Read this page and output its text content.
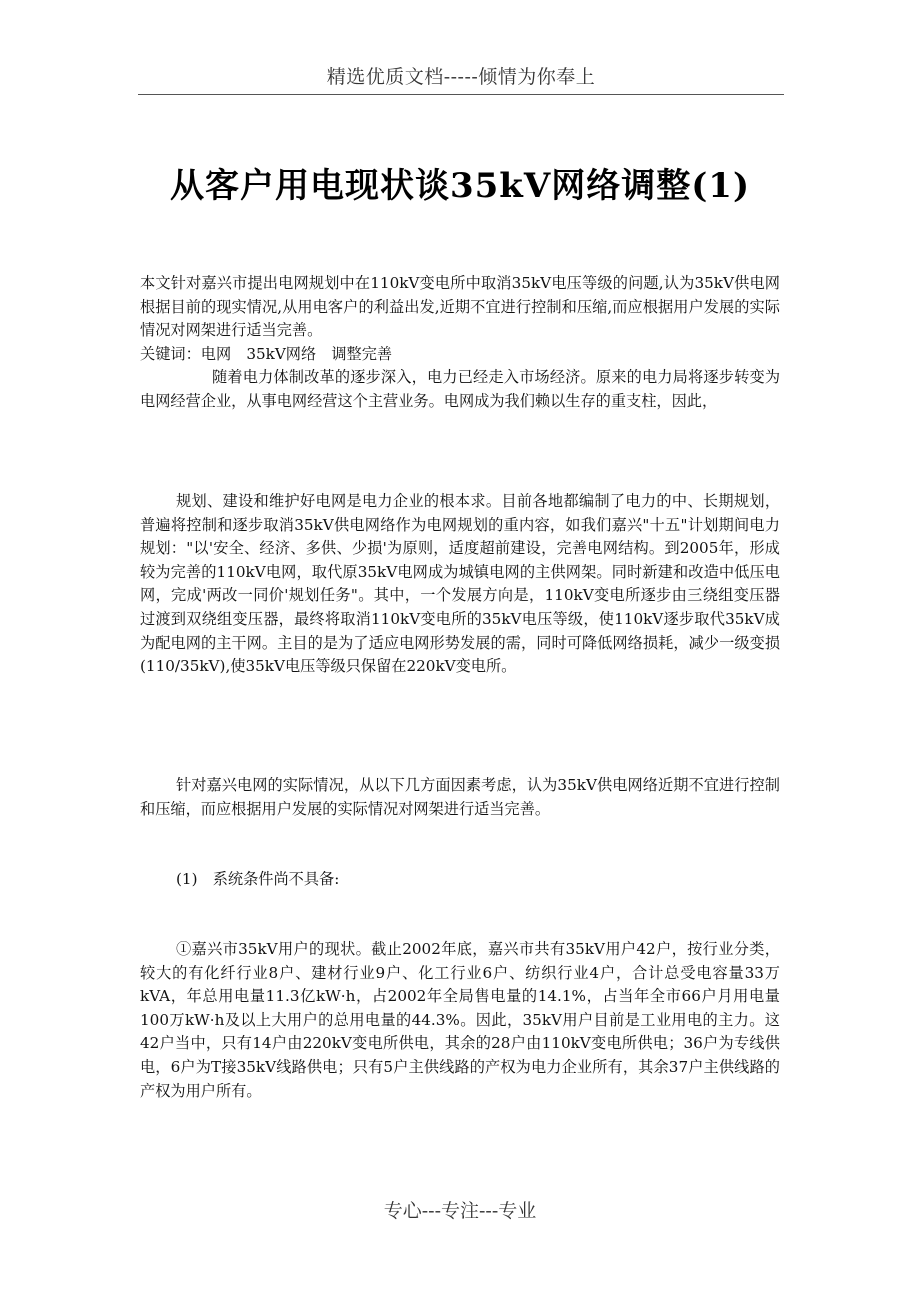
精选优质文档-----倾情为你奉上
从客户用电现状谈35kV网络调整(1)

本文针对嘉兴市提出电网规划中在110kV变电所中取消35kV电压等级的问题,认为35kV供电网根据目前的现实情况,从用电客户的利益出发,近期不宜进行控制和压缩,而应根据用户发展的实际情况对网架进行适当完善。

关键词：电网　35kV网络　调整完善

随着电力体制改革的逐步深入，电力已经走入市场经济。原来的电力局将逐步转变为电网经营企业，从事电网经营这个主营业务。电网成为我们赖以生存的重支柱，因此，

规划、建设和维护好电网是电力企业的根本求。目前各地都编制了电力的中、长期规划，普遍将控制和逐步取消35kV供电网络作为电网规划的重内容，如我们嘉兴"十五"计划期间电力规划："以'安全、经济、多供、少损'为原则，适度超前建设，完善电网结构。到2005年，形成较为完善的110kV电网，取代原35kV电网成为城镇电网的主供网架。同时新建和改造中低压电网，完成'两改一同价'规划任务"。其中，一个发展方向是，110kV变电所逐步由三绕组变压器过渡到双绕组变压器，最终将取消110kV变电所的35kV电压等级，使110kV逐步取代35kV成为配电网的主干网。主目的是为了适应电网形势发展的需，同时可降低网络损耗，减少一级变损(110/35kV),使35kV电压等级只保留在220kV变电所。

针对嘉兴电网的实际情况，从以下几方面因素考虑，认为35kV供电网络近期不宜进行控制和压缩，而应根据用户发展的实际情况对网架进行适当完善。

(1)　系统条件尚不具备:

①嘉兴市35kV用户的现状。截止2002年底，嘉兴市共有35kV用户42户，按行业分类，较大的有化纤行业8户、建材行业9户、化工行业6户、纺织行业4户，合计总受电容量33万kVA，年总用电量11.3亿kW·h，占2002年全局售电量的14.1%，占当年全市66户月用电量100万kW·h及以上大用户的总用电量的44.3%。因此，35kV用户目前是工业用电的主力。这42户当中，只有14户由220kV变电所供电，其余的28户由110kV变电所供电；36户为专线供电，6户为T接35kV线路供电；只有5户主供线路的产权为电力企业所有，其余37户主供线路的产权为用户所有。

专心---专注---专业
